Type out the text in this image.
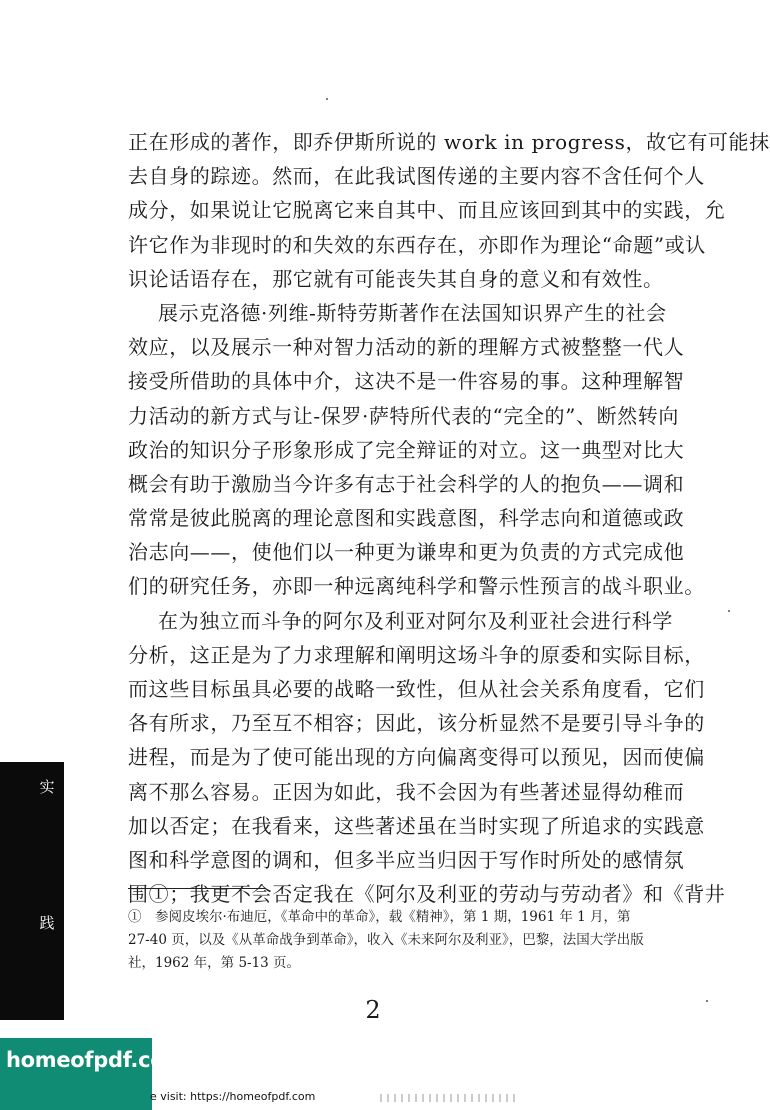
正在形成的著作，即乔伊斯所说的 work in progress，故它有可能抹
去自身的踪迹。然而，在此我试图传递的主要内容不含任何个人
成分，如果说让它脱离它来自其中、而且应该回到其中的实践，允
许它作为非现时的和失效的东西存在，亦即作为理论“命题”或认
识论话语存在，那它就有可能丧失其自身的意义和有效性。
展示克洛德·列维-斯特劳斯著作在法国知识界产生的社会
效应，以及展示一种对智力活动的新的理解方式被整整一代人
接受所借助的具体中介，这决不是一件容易的事。这种理解智
力活动的新方式与让-保罗·萨特所代表的“完全的”、断然转向
政治的知识分子形象形成了完全辩证的对立。这一典型对比大
概会有助于激励当今许多有志于社会科学的人的抱负——调和
常常是彼此脱离的理论意图和实践意图，科学志向和道德或政
治志向——，使他们以一种更为谦卑和更为负责的方式完成他
们的研究任务，亦即一种远离纯科学和警示性预言的战斗职业。
在为独立而斗争的阿尔及利亚对阿尔及利亚社会进行科学
分析，这正是为了力求理解和阐明这场斗争的原委和实际目标，
而这些目标虽具必要的战略一致性，但从社会关系角度看，它们
各有所求，乃至互不相容；因此，该分析显然不是要引导斗争的
进程，而是为了使可能出现的方向偏离变得可以预见，因而使偏
离不那么容易。正因为如此，我不会因为有些著述显得幼稚而
加以否定；在我看来，这些著述虽在当时实现了所追求的实践意
图和科学意图的调和，但多半应当归因于写作时所处的感情氛
围①；我更不会否定我在《阿尔及利亚的劳动与劳动者》和《背井
实
践	①　参阅皮埃尔·布迪厄，《革命中的革命》，载《精神》，第 1 期，1961 年 1 月，第
27-40 页，以及《从革命战争到革命》，收入《未来阿尔及利亚》，巴黎，法国大学出版
社，1962 年，第 5-13 页。
2
homeofpdf.com
e visit: https://homeofpdf.com
